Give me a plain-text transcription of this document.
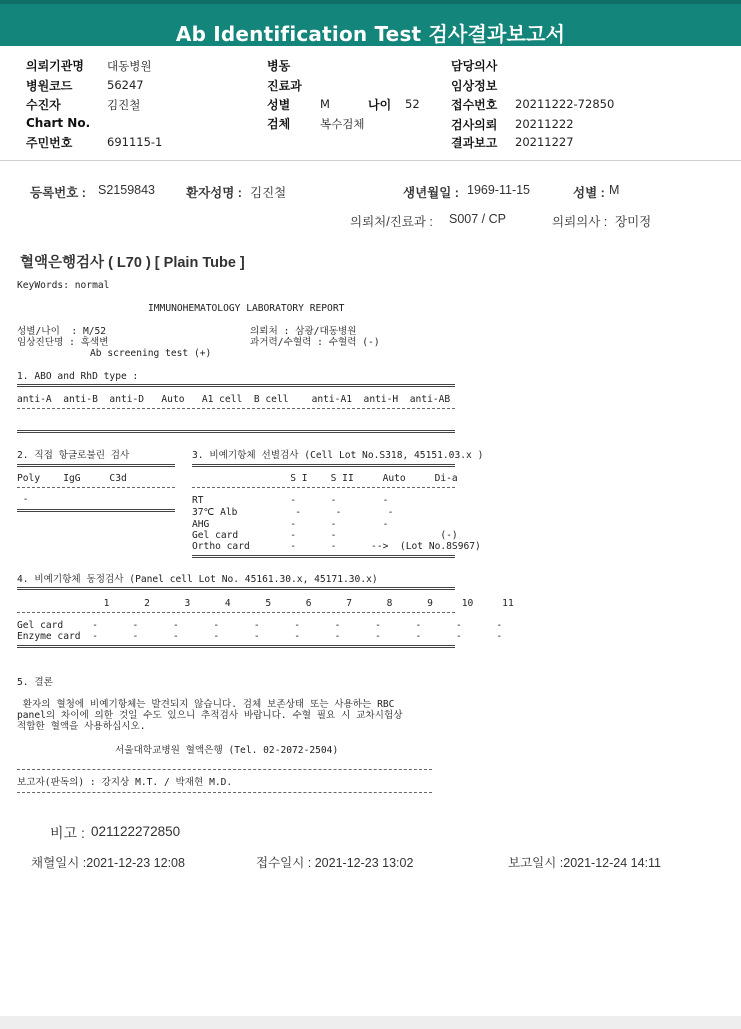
Ab Identification Test 검사결과보고서
의뢰기관명 대동병원
병원코드	56247
수진자	김진철
Chart No.
주민번호	691115-1
병동
진료과
성별	M	나이 52
검체	복수검체
담당의사
임상정보
접수번호 20211222-72850
검사의뢰 20211222
결과보고 20211227
등록번호 : S2159843 환자성명 : 김진철	생년월일 : 1969-11-15	성별 : M
의뢰처/진료과 : S007 / CP	의뢰의사 : 장미정
혈액은행검사 ( L70 ) [ Plain Tube ]
KeyWords: normal
IMMUNOHEMATOLOGY LABORATORY REPORT
성별/나이  : M/52	의뢰처 : 삼광/대동병원
임상진단명 : 흑색변	과거력/수혈력 : 수혈력 (-)
Ab screening test (+)
1. ABO and RhD type :
anti-A  anti-B  anti-D   Auto   A1 cell  B cell    anti-A1  anti-H  anti-AB
2. 직접 항글로불린 검사
Poly    IgG     C3d
-
3. 비예기항체 선별검사 (Cell Lot No.S318, 45151.03.x )
S I    S II     Auto     Di-a
RT               -      -        -
37℃ Alb          -      -        -
AHG              -      -        -
Gel card         -      -                  (-)
Ortho card       -      -      -->  (Lot No.8S967)
4. 비예기항체 동정검사 (Panel cell Lot No. 45161.30.x, 45171.30.x)
1      2      3      4      5      6      7      8      9     10     11
Gel card     -      -      -      -      -      -      -      -      -      -      -
Enzyme card  -      -      -      -      -      -      -      -      -      -      -
5. 결론
환자의 혈청에 비예기항체는 발견되지 않습니다. 검체 보존상태 또는 사용하는 RBC
panel의 차이에 의한 것일 수도 있으니 추적검사 바랍니다. 수혈 필요 시 교차시험상
적합한 혈액을 사용하십시오.
서울대학교병원 혈액은행 (Tel. 02-2072-2504)
보고자(판독의) : 강지상 M.T. / 박재현 M.D.
비고 : 021122272850
채혈일시 :2021-12-23 12:08	접수일시 : 2021-12-23 13:02	보고일시 :2021-12-24 14:11
